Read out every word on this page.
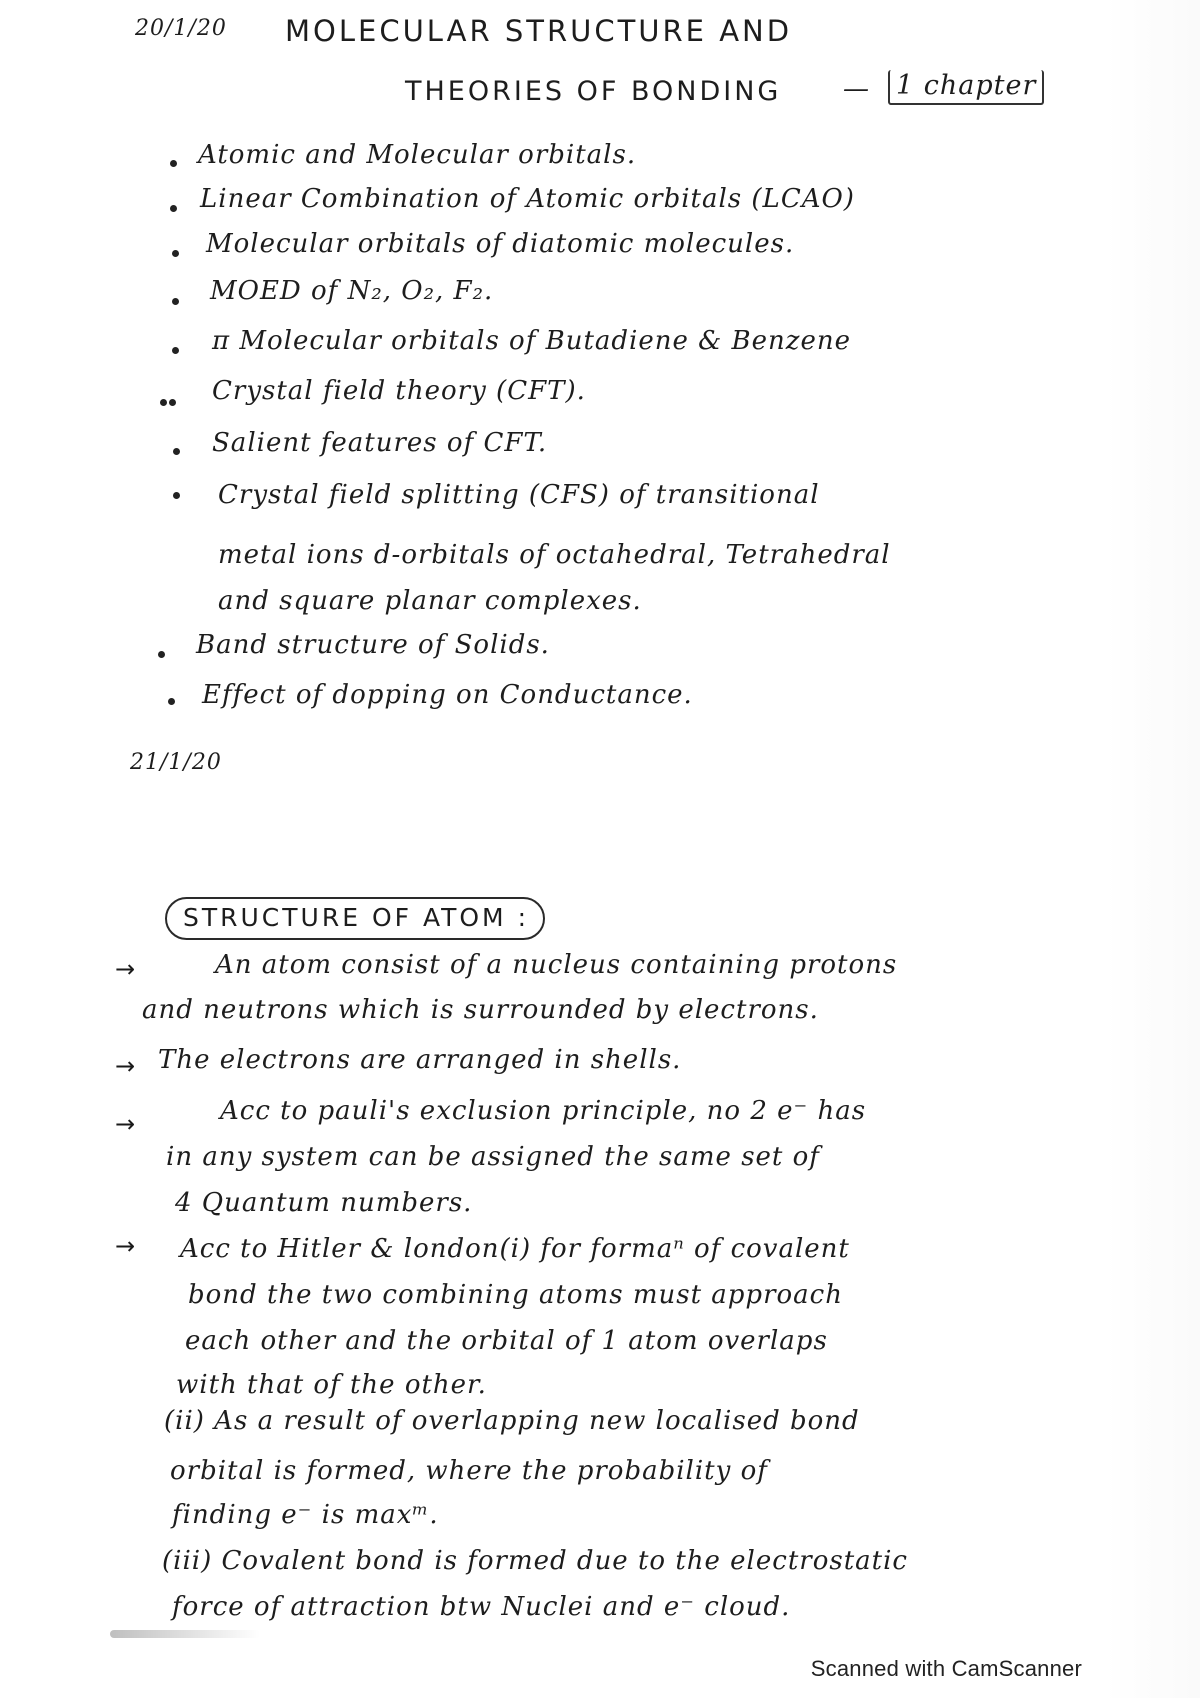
20/1/20 MOLECULAR STRUCTURE AND
THEORIES OF BONDING — 1 chapter
Atomic and Molecular orbitals.
Linear Combination of Atomic orbitals (LCAO)
Molecular orbitals of diatomic molecules.
MOED of N₂, O₂, F₂.
π Molecular orbitals of Butadiene & Benzene
Crystal field theory (CFT).
Salient features of CFT.
Crystal field splitting (CFS) of transitional
metal ions d-orbitals of octahedral, Tetrahedral
and square planar complexes.
Band structure of Solids.
Effect of dopping on Conductance.
21/1/20
STRUCTURE OF ATOM :
→	An atom consist of a nucleus containing protons
and neutrons which is surrounded by electrons.
→ The electrons are arranged in shells.
→	Acc to pauli's exclusion principle, no 2 e⁻ has
in any system can be assigned the same set of
4 Quantum numbers.
→ Acc to Hitler & london(i) for formaⁿ of covalent
bond the two combining atoms must approach
each other and the orbital of 1 atom overlaps
with that of the other.
(ii) As a result of overlapping new localised bond
orbital is formed, where the probability of
finding e⁻ is maxᵐ.
(iii) Covalent bond is formed due to the electrostatic
force of attraction btw Nuclei and e⁻ cloud.
Scanned with CamScanner
